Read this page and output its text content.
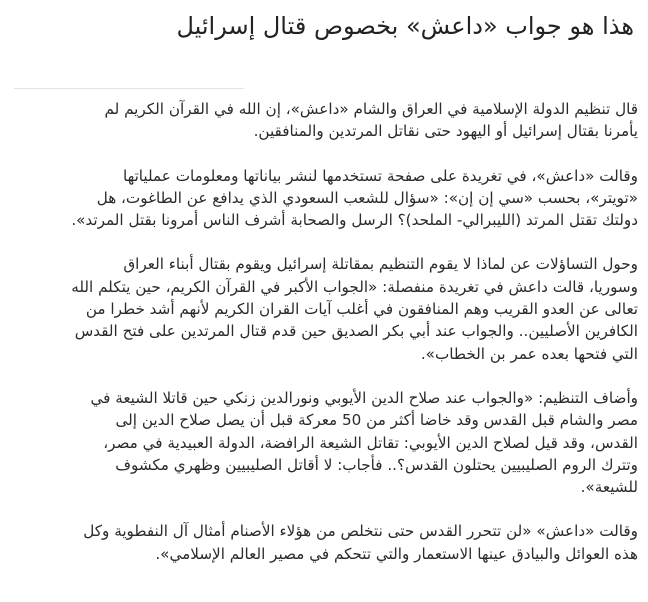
هذا هو جواب «داعش» بخصوص قتال إسرائيل

قال تنظيم الدولة الإسلامية في العراق والشام «داعش»، إن الله في القرآن الكريم لم
يأمرنا بقتال إسرائيل أو اليهود حتى نقاتل المرتدين والمنافقين.

وقالت «داعش»، في تغريدة على صفحة تستخدمها لنشر بياناتها ومعلومات عملياتها
«تويتر»، بحسب «سي إن إن»: «سؤال للشعب السعودي الذي يدافع عن الطاغوت، هل
دولتك تقتل المرتد (الليبرالي- الملحد)؟ الرسل والصحابة أشرف الناس أمرونا بقتل المرتد».

وحول التساؤلات عن لماذا لا يقوم التنظيم بمقاتلة إسرائيل ويقوم بقتال أبناء العراق
وسوريا، قالت داعش في تغريدة منفصلة: «الجواب الأكبر في القرآن الكريم، حين يتكلم الله
تعالى عن العدو القريب وهم المنافقون في أغلب آيات القران الكريم لأنهم أشد خطرا من
الكافرين الأصليين.. والجواب عند أبي بكر الصديق حين قدم قتال المرتدين على فتح القدس
التي فتحها بعده عمر بن الخطاب».

وأضاف التنظيم: «والجواب عند صلاح الدين الأيوبي ونورالدين زنكي حين قاتلا الشيعة في
مصر والشام قبل القدس وقد خاضا أكثر من 50 معركة قبل أن يصل صلاح الدين إلى
القدس، وقد قيل لصلاح الدين الأيوبي: تقاتل الشيعة الرافضة، الدولة العبيدية في مصر،
وتترك الروم الصليبيين يحتلون القدس؟.. فأجاب: لا أقاتل الصليبيين وظهري مكشوف
للشيعة».

وقالت «داعش» «لن تتحرر القدس حتى نتخلص من هؤلاء الأصنام أمثال آل النفطوية وكل
هذه العوائل والبيادق عينها الاستعمار والتي تتحكم في مصير العالم الإسلامي».
